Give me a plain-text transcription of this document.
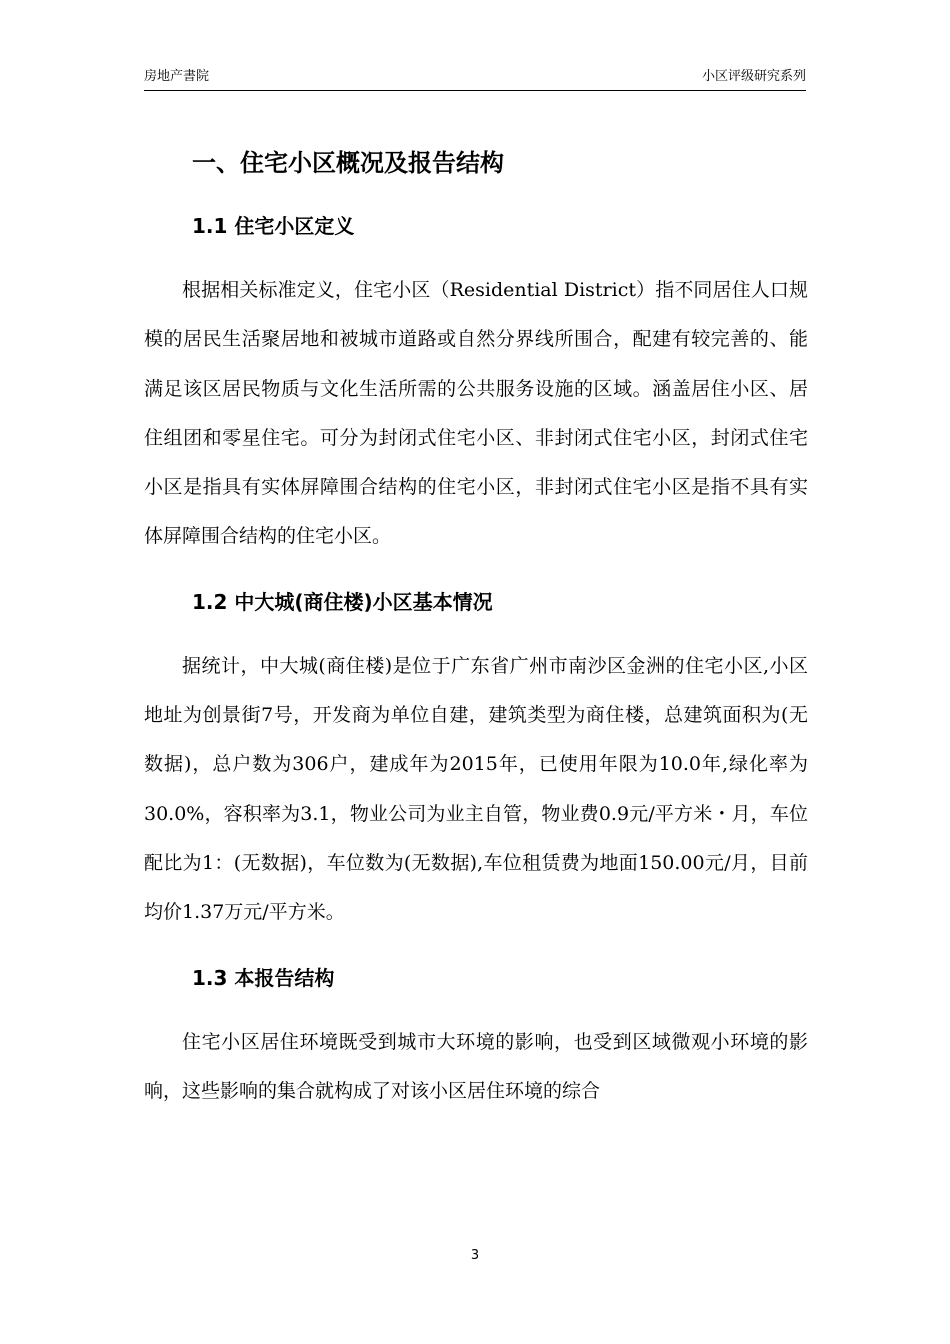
房地产書院	小区评级研究系列
一、住宅小区概况及报告结构
1.1 住宅小区定义

根据相关标准定义，住宅小区（Residential District）指不同居住人口规模的居民生活聚居地和被城市道路或自然分界线所围合，配建有较完善的、能满足该区居民物质与文化生活所需的公共服务设施的区域。涵盖居住小区、居住组团和零星住宅。可分为封闭式住宅小区、非封闭式住宅小区，封闭式住宅小区是指具有实体屏障围合结构的住宅小区，非封闭式住宅小区是指不具有实体屏障围合结构的住宅小区。

1.2 中大城(商住楼)小区基本情况

据统计，中大城(商住楼)是位于广东省广州市南沙区金洲的住宅小区,小区地址为创景街7号，开发商为单位自建，建筑类型为商住楼，总建筑面积为(无数据)，总户数为306户，建成年为2015年，已使用年限为10.0年,绿化率为30.0%，容积率为3.1，物业公司为业主自管，物业费0.9元/平方米・月，车位配比为1：(无数据)，车位数为(无数据),车位租赁费为地面150.00元/月，目前均价1.37万元/平方米。

1.3 本报告结构

住宅小区居住环境既受到城市大环境的影响，也受到区域微观小环境的影响，这些影响的集合就构成了对该小区居住环境的综合

3
